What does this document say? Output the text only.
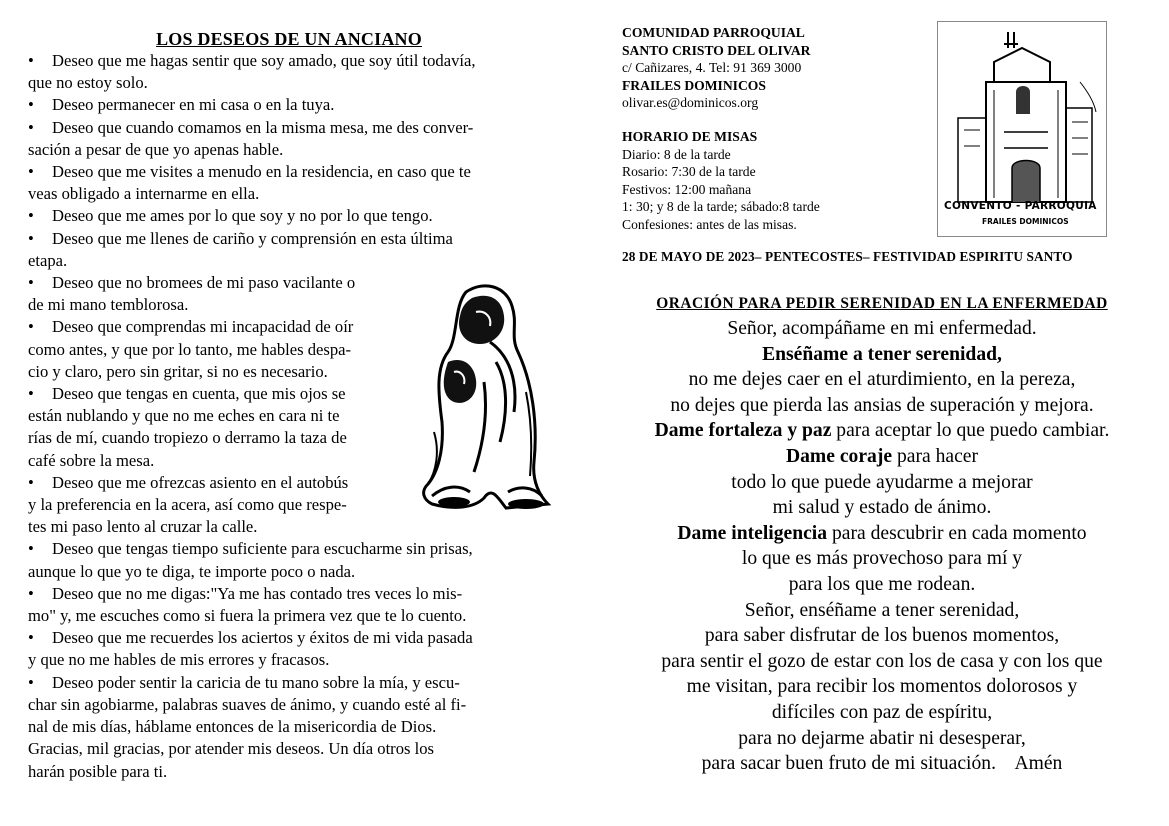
LOS DESEOS DE UN ANCIANO
• Deseo que me hagas sentir que soy amado, que soy útil todavía,
que no estoy solo.
• Deseo permanecer en mi casa o en la tuya.
• Deseo que cuando comamos en la misma mesa, me des conver-
sación a pesar de que yo apenas hable.
• Deseo que me visites a menudo en la residencia, en caso que te
veas obligado a internarme en ella.
• Deseo que me ames por lo que soy y no por lo que tengo.
• Deseo que me llenes de cariño y comprensión en esta última
etapa.
• Deseo que no bromees de mi paso vacilante o
de mi mano temblorosa.
• Deseo que comprendas mi incapacidad de oír
como antes, y que por lo tanto, me hables despa-
cio y claro, pero sin gritar, si no es necesario.
• Deseo que tengas en cuenta, que mis ojos se
están nublando y que no me eches en cara ni te
rías de mí, cuando tropiezo o derramo la taza de
café sobre la mesa.
• Deseo que me ofrezcas asiento en el autobús
y la preferencia en la acera, así como que respe-
tes mi paso lento al cruzar la calle.
• Deseo que tengas tiempo suficiente para escucharme sin prisas,
aunque lo que yo te diga, te importe poco o nada.
• Deseo que no me digas:"Ya me has contado tres veces lo mis-
mo" y, me escuches como si fuera la primera vez que te lo cuento.
• Deseo que me recuerdes los aciertos y éxitos de mi vida pasada
y que no me hables de mis errores y fracasos.
• Deseo poder sentir la caricia de tu mano sobre la mía, y escu-
char sin agobiarme, palabras suaves de ánimo, y cuando esté al fi-
nal de mis días, háblame entonces de la misericordia de Dios.
Gracias, mil gracias, por atender mis deseos. Un día otros los
harán posible para ti.
COMUNIDAD PARROQUIAL
SANTO CRISTO DEL OLIVAR
c/ Cañizares, 4. Tel: 91 369 3000
FRAILES DOMINICOS
olivar.es@dominicos.org
HORARIO DE MISAS
Diario: 8 de la tarde
Rosario: 7:30 de la tarde
Festivos: 12:00 mañana
1: 30; y 8 de la tarde; sábado:8 tarde
Confesiones: antes de las misas.
CONVENTO - PARROQUIA
FRAILES DOMINICOS
28 DE MAYO DE 2023– PENTECOSTES– FESTIVIDAD ESPIRITU SANTO
ORACIÓN PARA PEDIR SERENIDAD EN LA ENFERMEDAD

Señor, acompáñame en mi enfermedad.

Enséñame a tener serenidad,

no me dejes caer en el aturdimiento, en la pereza,

no dejes que pierda las ansias de superación y mejora.

Dame fortaleza y paz para aceptar lo que puedo cambiar.

Dame coraje para hacer

todo lo que puede ayudarme a mejorar

mi salud y estado de ánimo.

Dame inteligencia para descubrir en cada momento

lo que es más provechoso para mí y

para los que me rodean.

Señor, enséñame a tener serenidad,

para saber disfrutar de los buenos momentos,

para sentir el gozo de estar con los de casa y con los que

me visitan, para recibir los momentos dolorosos y

difíciles con paz de espíritu,

para no dejarme abatir ni desesperar,

para sacar buen fruto de mi situación.    Amén
